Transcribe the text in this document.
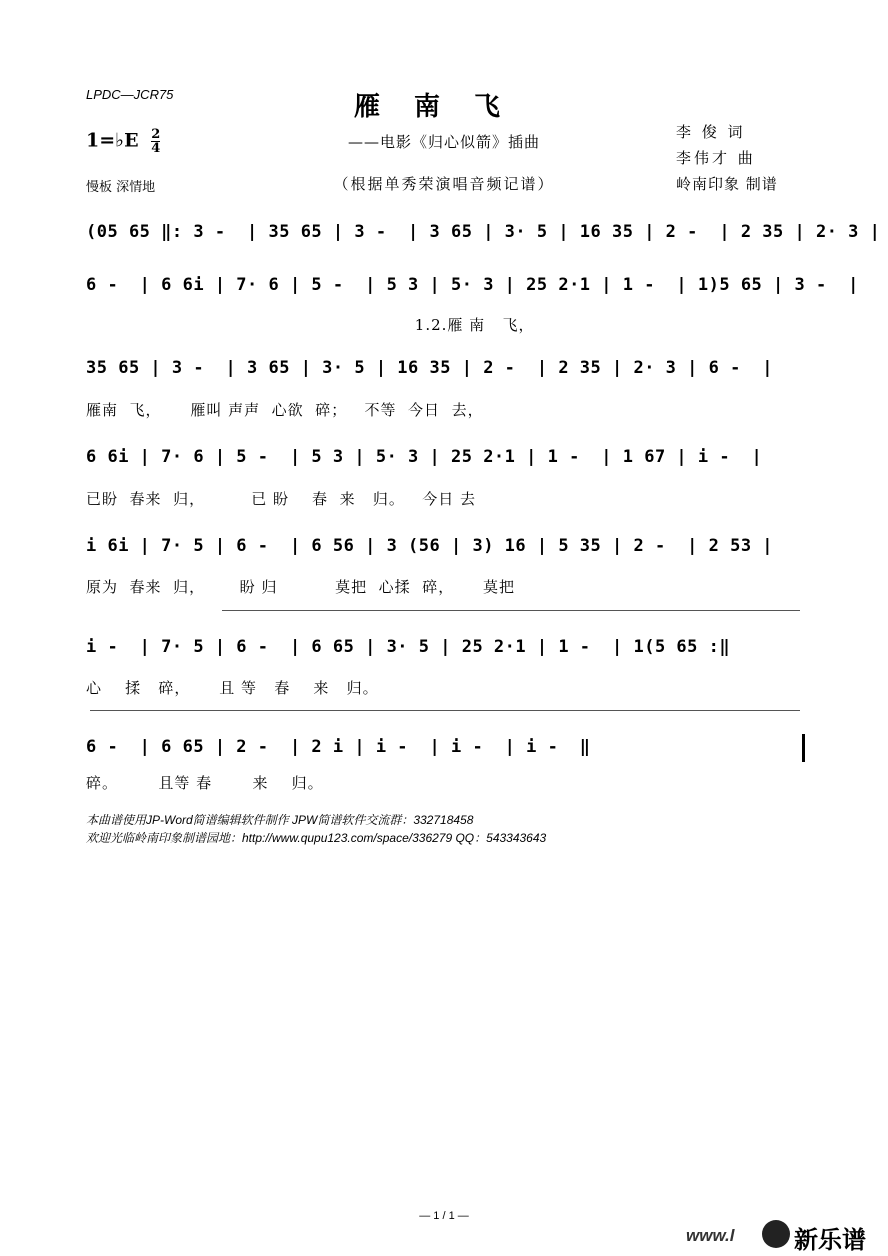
LPDC—JCR75	雁南飞
1=♭E $\frac{2}{4}$	——电影《归心似箭》插曲
（根据单秀荣演唱音频记谱）
慢板 深情地
李 俊 词
李伟才 曲
岭南印象 制谱
(05 65 ‖: 3 -  | 35 65 | 3 -  | 3 65 | 3· 5 | 16 35 | 2 -  | 2 35 | 2· 3 |
6 -  | 6 6i | 7· 6 | 5 -  | 5 3 | 5· 3 | 25 2·1 | 1 -  | 1)5 65 | 3 -  |
1.2.雁 南   飞，
35 65 | 3 -  | 3 65 | 3· 5 | 16 35 | 2 -  | 2 35 | 2· 3 | 6 -  |
雁南  飞，     雁叫 声声  心欲  碎；   不等  今日  去，
6 6i | 7· 6 | 5 -  | 5 3 | 5· 3 | 25 2·1 | 1 -  | 1 67 | i -  |
已盼  春来  归，        已 盼    春  来   归。   今日 去
i 6i | 7· 5 | 6 -  | 6 56 | 3 (56 | 3) 16 | 5 35 | 2 -  | 2 53 |
原为  春来  归，      盼 归          莫把  心揉  碎，     莫把
i -  | 7· 5 | 6 -  | 6 65 | 3· 5 | 25 2·1 | 1 -  | 1(5 65 :‖
心    揉   碎，     且 等   春    来   归。
6 -  | 6 65 | 2 -  | 2 i | i -  | i -  | i -  ‖
碎。       且等 春       来    归。
本曲谱使用JP-Word简谱编辑软件制作 JPW简谱软件交流群：332718458
欢迎光临岭南印象制谱园地：http://www.qupu123.com/space/336279 QQ：543343643
— 1 / 1 —
www.l 新乐谱
